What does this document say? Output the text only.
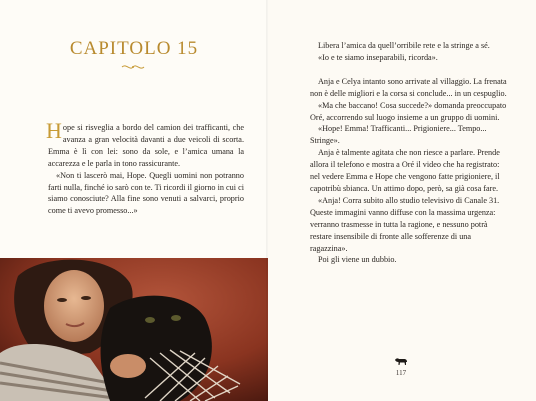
CAPITOLO 15

Hope si risveglia a bordo del camion dei trafficanti, che avanza a gran velocità davanti a due veicoli di scorta. Emma è lì con lei: sono da sole, e l’amica umana la accarezza e le parla in tono rassicurante.

«Non ti lascerò mai, Hope. Quegli uomini non potranno farti nulla, finché io sarò con te. Ti ricordi il giorno in cui ci siamo conosciute? Alla fine sono venuti a salvarci, proprio come ti avevo promesso...»

Libera l’amica da quell’orribile rete e la stringe a sé.

«Io e te siamo inseparabili, ricorda».

Anja e Celya intanto sono arrivate al villaggio. La frenata non è delle migliori e la corsa si conclude... in un cespuglio.

«Ma che baccano! Cosa succede?» domanda preoccupato Oré, accorrendo sul luogo insieme a un gruppo di uomini.

«Hope! Emma! Trafficanti... Prigioniere... Tempo... Stringe».

Anja è talmente agitata che non riesce a parlare. Prende allora il telefono e mostra a Oré il video che ha registrato: nel vedere Emma e Hope che vengono fatte prigioniere, il capotribù sbianca. Un attimo dopo, però, sa già cosa fare.

«Anja! Corra subito allo studio televisivo di Canale 31. Queste immagini vanno diffuse con la massima urgenza: verranno trasmesse in tutta la ragione, e nessuno potrà restare insensibile di fronte alle sofferenze di una ragazzina».

Poi gli viene un dubbio.

117
